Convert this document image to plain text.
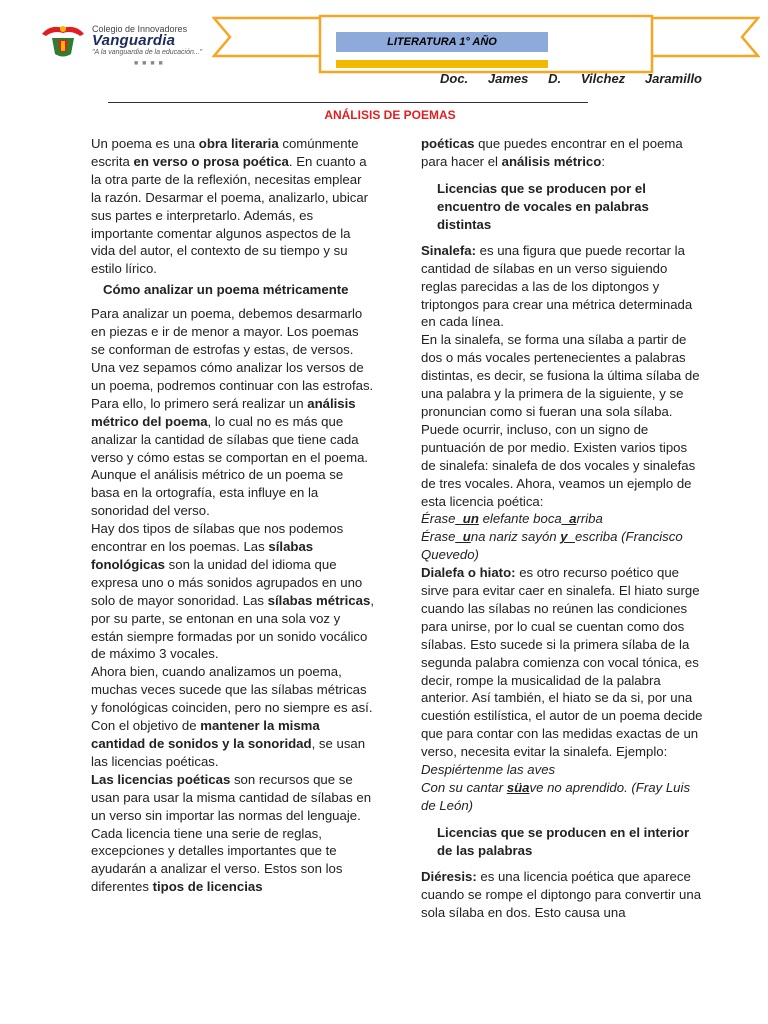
Colegio de Innovadores
Vanguardia
"A la vanguardia de la educación..."
■ ■ ■ ■
LITERATURA 1° AÑO
Doc. James D. Vilchez Jaramillo
ANÁLISIS DE POEMAS

Un poema es una obra literaria comúnmente escrita en verso o prosa poética. En cuanto a la otra parte de la reflexión, necesitas emplear la razón. Desarmar el poema, analizarlo, ubicar sus partes e interpretarlo. Además, es importante comentar algunos aspectos de la vida del autor, el contexto de su tiempo y su estilo lírico.

Cómo analizar un poema métricamente

Para analizar un poema, debemos desarmarlo en piezas e ir de menor a mayor. Los poemas se conforman de estrofas y estas, de versos. Una vez sepamos cómo analizar los versos de un poema, podremos continuar con las estrofas.

Para ello, lo primero será realizar un análisis métrico del poema, lo cual no es más que analizar la cantidad de sílabas que tiene cada verso y cómo estas se comportan en el poema. Aunque el análisis métrico de un poema se basa en la ortografía, esta influye en la sonoridad del verso.

Hay dos tipos de sílabas que nos podemos encontrar en los poemas. Las sílabas fonológicas son la unidad del idioma que expresa uno o más sonidos agrupados en uno solo de mayor sonoridad. Las sílabas métricas, por su parte, se entonan en una sola voz y están siempre formadas por un sonido vocálico de máximo 3 vocales.

Ahora bien, cuando analizamos un poema, muchas veces sucede que las sílabas métricas y fonológicas coinciden, pero no siempre es así. Con el objetivo de mantener la misma cantidad de sonidos y la sonoridad, se usan las licencias poéticas.

Las licencias poéticas son recursos que se usan para usar la misma cantidad de sílabas en un verso sin importar las normas del lenguaje. Cada licencia tiene una serie de reglas, excepciones y detalles importantes que te ayudarán a analizar el verso. Estos son los diferentes tipos de licencias

poéticas que puedes encontrar en el poema para hacer el análisis métrico:

Licencias que se producen por el encuentro de vocales en palabras distintas

Sinalefa: es una figura que puede recortar la cantidad de sílabas en un verso siguiendo reglas parecidas a las de los diptongos y triptongos para crear una métrica determinada en cada línea.

En la sinalefa, se forma una sílaba a partir de dos o más vocales pertenecientes a palabras distintas, es decir, se fusiona la última sílaba de una palabra y la primera de la siguiente, y se pronuncian como si fueran una sola sílaba. Puede ocurrir, incluso, con un signo de puntuación de por medio. Existen varios tipos de sinalefa: sinalefa de dos vocales y sinalefas de tres vocales. Ahora, veamos un ejemplo de esta licencia poética:

Érase_un elefante boca_arriba

Érase_una nariz sayón y_escriba (Francisco Quevedo)

Dialefa o hiato: es otro recurso poético que sirve para evitar caer en sinalefa. El hiato surge cuando las sílabas no reúnen las condiciones para unirse, por lo cual se cuentan como dos sílabas. Esto sucede si la primera sílaba de la segunda palabra comienza con vocal tónica, es decir, rompe la musicalidad de la palabra anterior. Así también, el hiato se da si, por una cuestión estilística, el autor de un poema decide que para contar con las medidas exactas de un verso, necesita evitar la sinalefa. Ejemplo:

Despiértenme las aves

Con su cantar süave no aprendido. (Fray Luis de León)

Licencias que se producen en el interior de las palabras

Diéresis: es una licencia poética que aparece cuando se rompe el diptongo para convertir una sola sílaba en dos. Esto causa una
